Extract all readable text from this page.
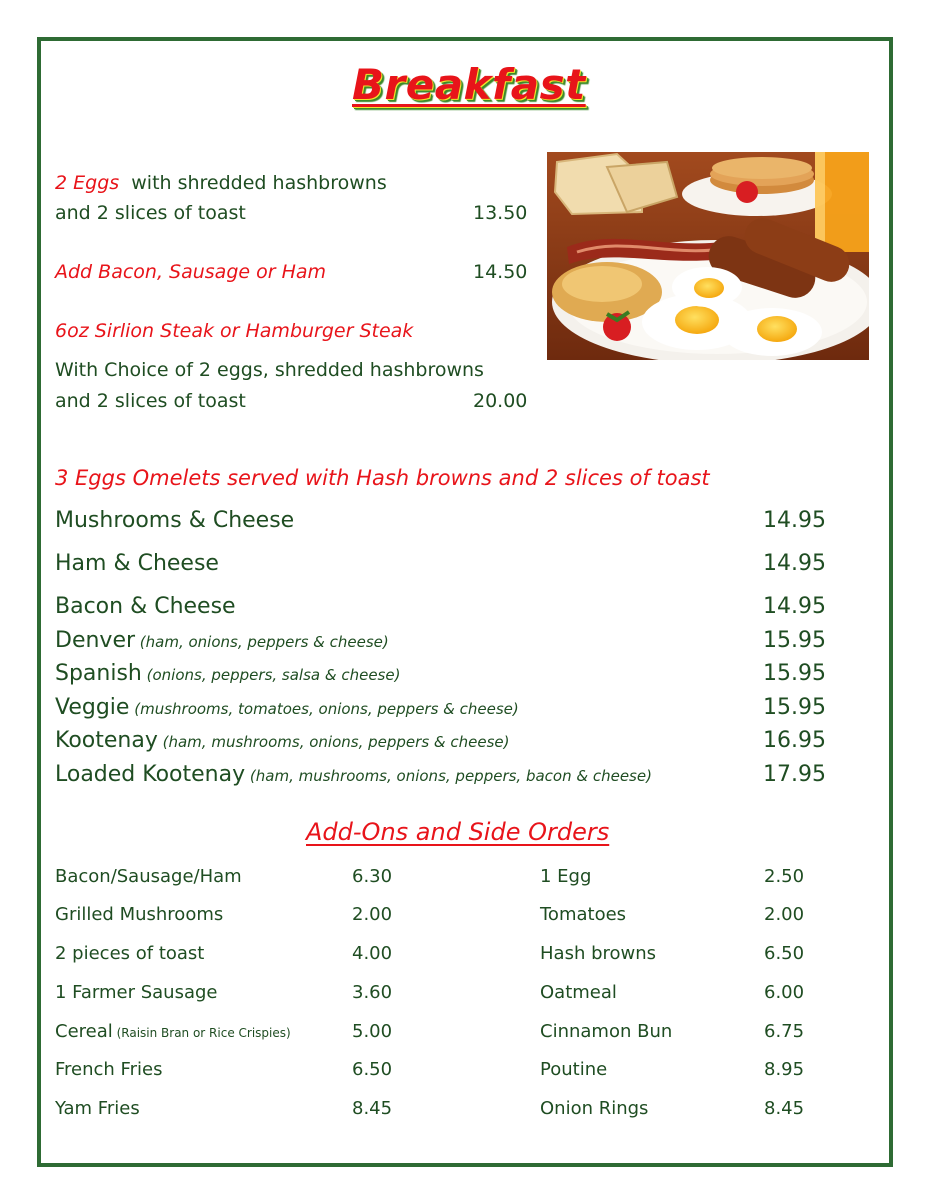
Breakfast
2 Eggs with shredded hashbrowns
and 2 slices of toast	13.50
Add Bacon, Sausage or Ham	14.50
6oz Sirlion Steak or Hamburger Steak
With Choice of 2 eggs, shredded hashbrowns
and 2 slices of toast	20.00
3 Eggs Omelets served with Hash browns and 2 slices of toast
Mushrooms & Cheese	14.95
Ham & Cheese	14.95
Bacon & Cheese	14.95
Denver (ham, onions, peppers & cheese)	15.95
Spanish (onions, peppers, salsa & cheese)	15.95
Veggie (mushrooms, tomatoes, onions, peppers & cheese)	15.95
Kootenay (ham, mushrooms, onions, peppers & cheese)	16.95
Loaded Kootenay (ham, mushrooms, onions, peppers, bacon & cheese)	17.95
Add-Ons and Side Orders
Bacon/Sausage/Ham	6.30
Grilled Mushrooms	2.00
2 pieces of toast	4.00
1 Farmer Sausage	3.60
Cereal (Raisin Bran or Rice Crispies)	5.00
French Fries	6.50
Yam Fries	8.45
1 Egg	2.50
Tomatoes	2.00
Hash browns	6.50
Oatmeal	6.00
Cinnamon Bun	6.75
Poutine	8.95
Onion Rings	8.45
